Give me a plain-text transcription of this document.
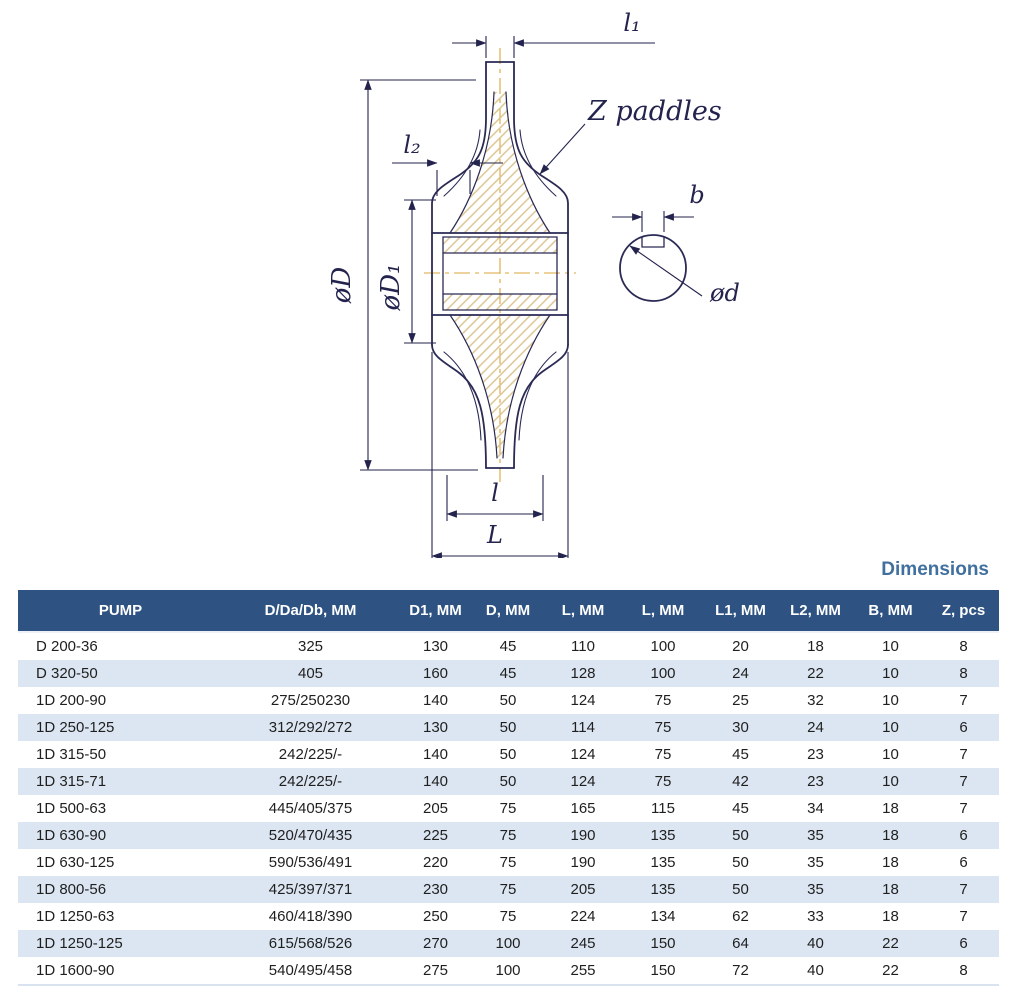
l₁
l₂
øD øD₁
l
L
b
ød
Z paddles
Dimensions
PUMP	D/Da/Db, MM	D1, MM	D, MM	L, MM	L, MM	L1, MM	L2, MM	B, MM	Z, pcs
D 200-36	325	130	45	110	100	20	18	10	8
D 320-50	405	160	45	128	100	24	22	10	8
1D 200-90	275/250230	140	50	124	75	25	32	10	7
1D 250-125	312/292/272	130	50	114	75	30	24	10	6
1D 315-50	242/225/-	140	50	124	75	45	23	10	7
1D 315-71	242/225/-	140	50	124	75	42	23	10	7
1D 500-63	445/405/375	205	75	165	115	45	34	18	7
1D 630-90	520/470/435	225	75	190	135	50	35	18	6
1D 630-125	590/536/491	220	75	190	135	50	35	18	6
1D 800-56	425/397/371	230	75	205	135	50	35	18	7
1D 1250-63	460/418/390	250	75	224	134	62	33	18	7
1D 1250-125	615/568/526	270	100	245	150	64	40	22	6
1D 1600-90	540/495/458	275	100	255	150	72	40	22	8
